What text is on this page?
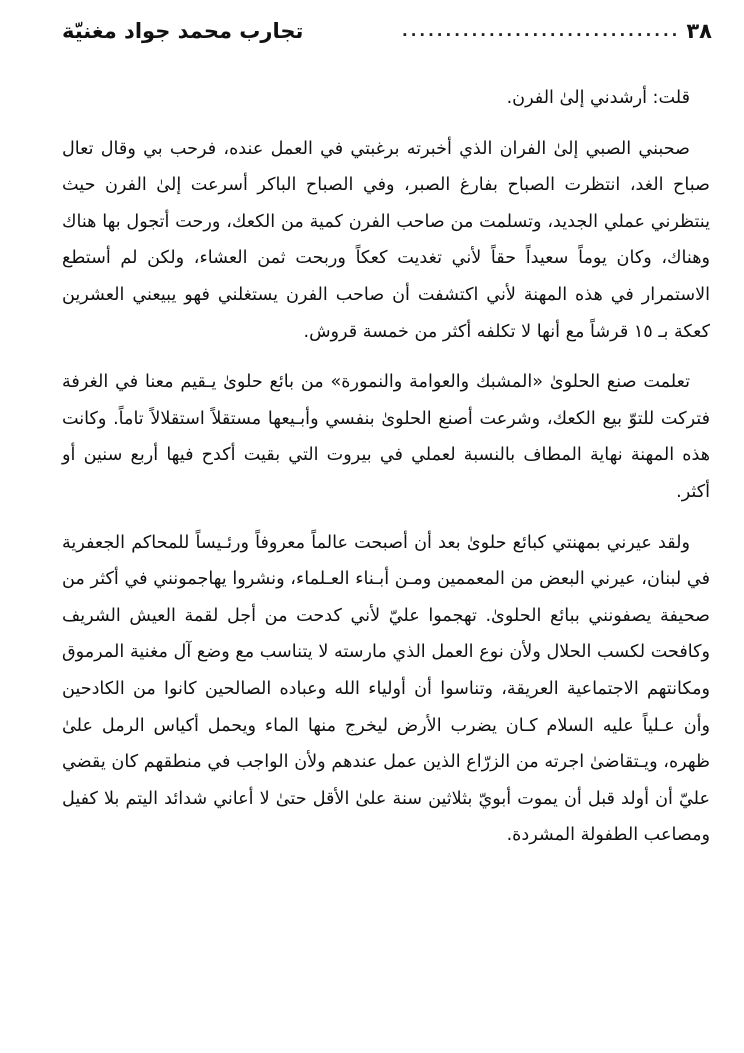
٣٨
................................
تجارب محمد جواد مغنيّة

قلت: أرشدني إلىٰ الفرن.

صحبني الصبي إلىٰ الفران الذي أخبرته برغبتي في العمل عنده، فرحب بي وقال تعال صباح الغد، انتظرت الصباح بفارغ الصبر، وفي الصباح الباكر أسرعت إلىٰ الفرن حيث ينتظرني عملي الجديد، وتسلمت من صاحب الفرن كمية من الكعك، ورحت أتجول بها هناك وهناك، وكان يوماً سعيداً حقاً لأني تغديت كعكاً وربحت ثمن العشاء، ولكن لم أستطع الاستمرار في هذه المهنة لأني اكتشفت أن صاحب الفرن يستغلني فهو يبيعني العشرين كعكة بـ ١٥ قرشاً مع أنها لا تكلفه أكثر من خمسة قروش.

تعلمت صنع الحلوىٰ «المشبك والعوامة والنمورة» من بائع حلوىٰ يـقيم معنا في الغرفة فتركت للتوّ بيع الكعك، وشرعت أصنع الحلوىٰ بنفسي وأبـيعها مستقلاً استقلالاً تاماً. وكانت هذه المهنة نهاية المطاف بالنسبة لعملي في بيروت التي بقيت أكدح فيها أربع سنين أو أكثر.

ولقد عيرني بمهنتي كبائع حلوىٰ بعد أن أصبحت عالماً معروفاً ورئـيساً للمحاكم الجعفرية في لبنان، عيرني البعض من المعممين ومـن أبـناء العـلماء، ونشروا يهاجمونني في أكثر من صحيفة يصفونني ببائع الحلوىٰ. تهجموا عليّ لأني كدحت من أجل لقمة العيش الشريف وكافحت لكسب الحلال ولأن نوع العمل الذي مارسته لا يتناسب مع وضع آل مغنية المرموق ومكانتهم الاجتماعية العريقة، وتناسوا أن أولياء الله وعباده الصالحين كانوا من الكادحين وأن عـلياً عليه السلام كـان يضرب الأرض ليخرج منها الماء ويحمل أكياس الرمل علىٰ ظهره، ويـتقاضىٰ اجرته من الزرّاع الذين عمل عندهم ولأن الواجب في منطقهم كان يقضي عليّ أن أولد قبل أن يموت أبويّ بثلاثين سنة علىٰ الأقل حتىٰ لا أعاني شدائد اليتم بلا كفيل ومصاعب الطفولة المشردة.
